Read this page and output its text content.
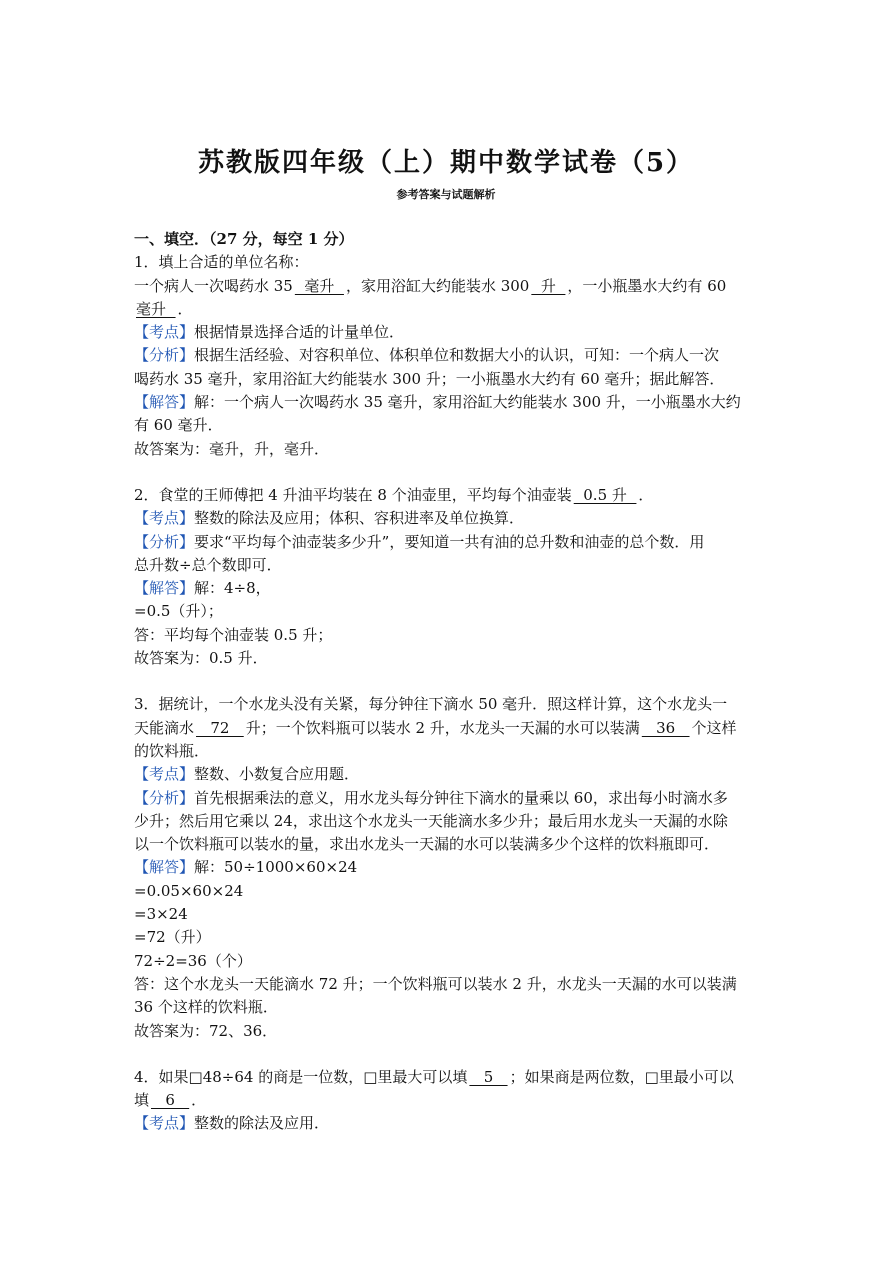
苏教版四年级（上）期中数学试卷（5）
参考答案与试题解析
一、填空．（27 分，每空 1 分）
1．填上合适的单位名称：
一个病人一次喝药水 35  毫升  ，家用浴缸大约能装水 300  升  ，一小瓶墨水大约有 60
毫升  ．
【考点】根据情景选择合适的计量单位．
【分析】根据生活经验、对容积单位、体积单位和数据大小的认识，可知：一个病人一次
喝药水 35 毫升，家用浴缸大约能装水 300 升；一小瓶墨水大约有 60 毫升；据此解答．
【解答】解：一个病人一次喝药水 35 毫升，家用浴缸大约能装水 300 升，一小瓶墨水大约
有 60 毫升．
故答案为：毫升，升，毫升．
2．食堂的王师傅把 4 升油平均装在 8 个油壶里，平均每个油壶装  0.5 升  ．
【考点】整数的除法及应用；体积、容积进率及单位换算．
【分析】要求“平均每个油壶装多少升”，要知道一共有油的总升数和油壶的总个数．用
总升数÷总个数即可．
【解答】解：4÷8，
=0.5（升）；
答：平均每个油壶装 0.5 升；
故答案为：0.5 升．
3．据统计，一个水龙头没有关紧，每分钟往下滴水 50 毫升．照这样计算，这个水龙头一
天能滴水   72   升；一个饮料瓶可以装水 2 升，水龙头一天漏的水可以装满   36   个这样
的饮料瓶．
【考点】整数、小数复合应用题．
【分析】首先根据乘法的意义，用水龙头每分钟往下滴水的量乘以 60，求出每小时滴水多
少升；然后用它乘以 24，求出这个水龙头一天能滴水多少升；最后用水龙头一天漏的水除
以一个饮料瓶可以装水的量，求出水龙头一天漏的水可以装满多少个这样的饮料瓶即可．
【解答】解：50÷1000×60×24
=0.05×60×24
=3×24
=72（升）
72÷2=36（个）
答：这个水龙头一天能滴水 72 升；一个饮料瓶可以装水 2 升，水龙头一天漏的水可以装满
36 个这样的饮料瓶．
故答案为：72、36．
4．如果□48÷64 的商是一位数，□里最大可以填   5   ；如果商是两位数，□里最小可以
填   6   ．
【考点】整数的除法及应用．
